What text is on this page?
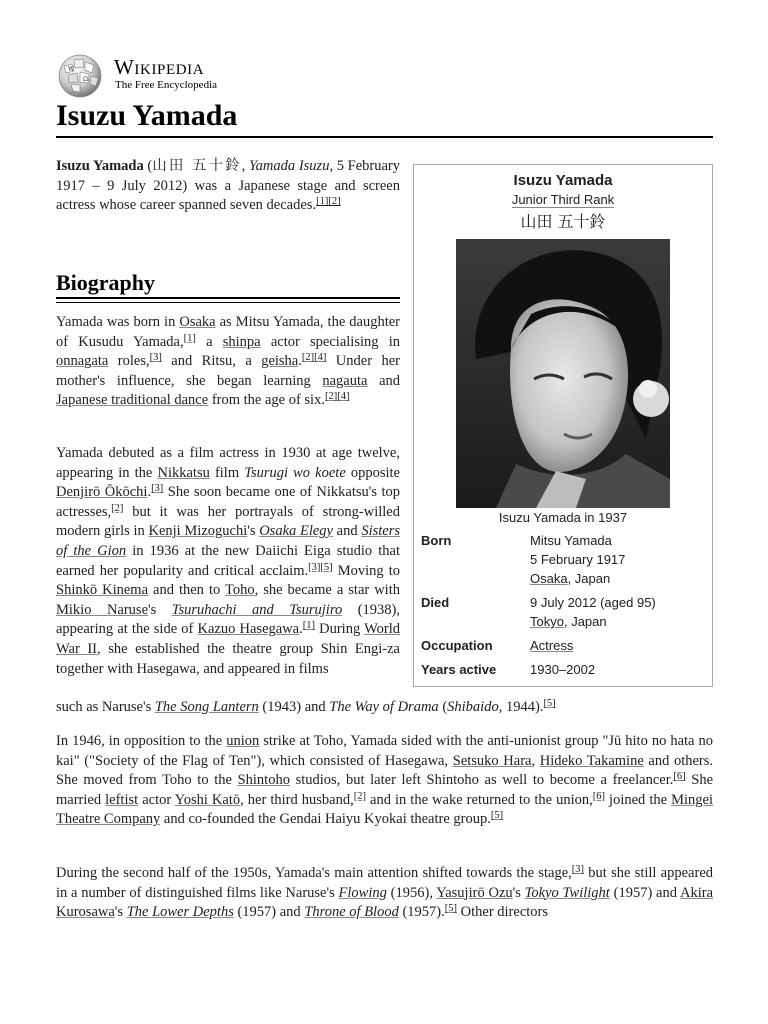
W
Ω
Wikipedia
The Free Encyclopedia
Isuzu Yamada

Isuzu Yamada (山田 五十鈴, Yamada Isuzu, 5 February 1917 – 9 July 2012) was a Japanese stage and screen actress whose career spanned seven decades.[1][2]

Biography

Yamada was born in Osaka as Mitsu Yamada, the daughter of Kusudu Yamada,[1] a shinpa actor specialising in onnagata roles,[3] and Ritsu, a geisha.[2][4] Under her mother's influence, she began learning nagauta and Japanese traditional dance from the age of six.[2][4]

Yamada debuted as a film actress in 1930 at age twelve, appearing in the Nikkatsu film Tsurugi wo koete opposite Denjirō Ōkōchi.[3] She soon became one of Nikkatsu's top actresses,[2] but it was her portrayals of strong-willed modern girls in Kenji Mizoguchi's Osaka Elegy and Sisters of the Gion in 1936 at the new Daiichi Eiga studio that earned her popularity and critical acclaim.[3][5] Moving to Shinkō Kinema and then to Toho, she became a star with Mikio Naruse's Tsuruhachi and Tsurujiro (1938), appearing at the side of Kazuo Hasegawa.[1] During World War II, she established the theatre group Shin Engi-za together with Hasegawa, and appeared in films

such as Naruse's The Song Lantern (1943) and The Way of Drama (Shibaido, 1944).[5]

In 1946, in opposition to the union strike at Toho, Yamada sided with the anti-unionist group "Jū hito no hata no kai" ("Society of the Flag of Ten"), which consisted of Hasegawa, Setsuko Hara, Hideko Takamine and others. She moved from Toho to the Shintoho studios, but later left Shintoho as well to become a freelancer.[6] She married leftist actor Yoshi Katō, her third husband,[2] and in the wake returned to the union,[6] joined the Mingei Theatre Company and co-founded the Gendai Haiyu Kyokai theatre group.[5]

During the second half of the 1950s, Yamada's main attention shifted towards the stage,[3] but she still appeared in a number of distinguished films like Naruse's Flowing (1956), Yasujirō Ozu's Tokyo Twilight (1957) and Akira Kurosawa's The Lower Depths (1957) and Throne of Blood (1957).[5] Other directors

Isuzu Yamada
Junior Third Rank
山田 五十鈴
Isuzu Yamada in 1937
Born	Mitsu Yamada
5 February 1917
Osaka, Japan
Died	9 July 2012 (aged 95)
Tokyo, Japan
Occupation	Actress
Years active	1930–2002
